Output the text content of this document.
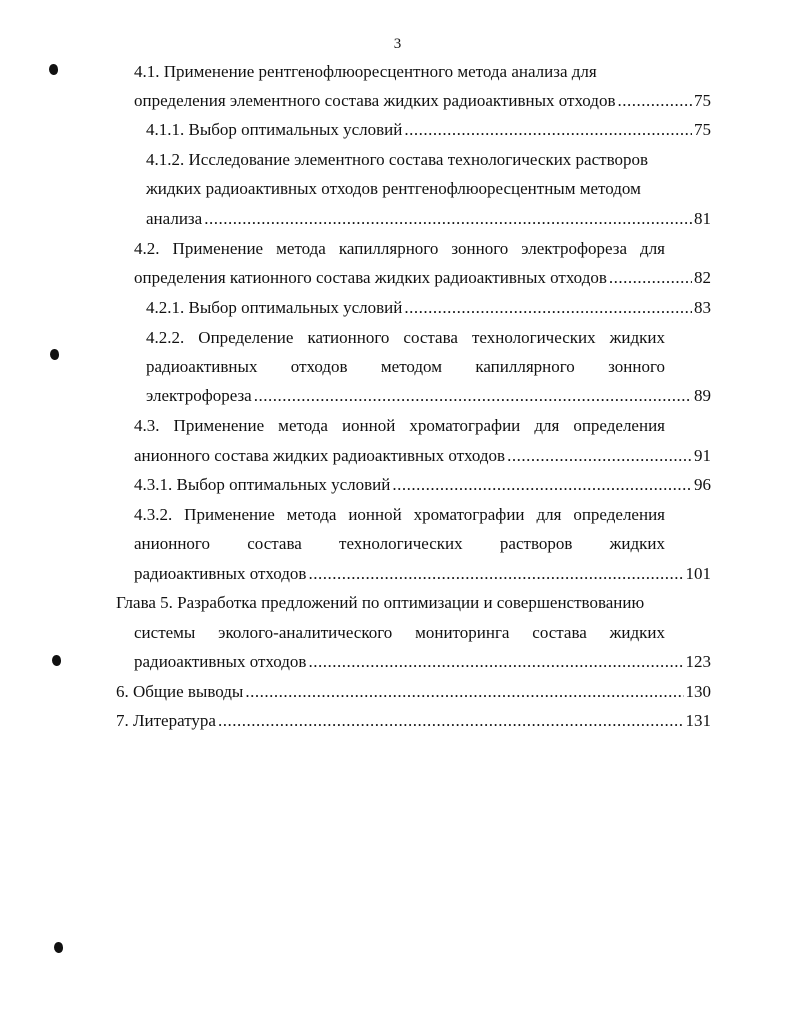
3
4.1. Применение рентгенофлюоресцентного метода анализа для
определения элементного состава жидких радиоактивных отходов .....	75
4.1.1. Выбор оптимальных условий .....	75
4.1.2. Исследование элементного состава технологических растворов
жидких радиоактивных отходов рентгенофлюоресцентным методом
анализа .....	81
4.2. Применение метода капиллярного зонного электрофореза для
определения катионного состава жидких радиоактивных отходов .....	82
4.2.1. Выбор оптимальных условий .....	83
4.2.2. Определение катионного состава технологических жидких
радиоактивных отходов методом капиллярного зонного
электрофореза .....	89
4.3. Применение метода ионной хроматографии для определения
анионного состава жидких радиоактивных отходов .....	91
4.3.1. Выбор оптимальных условий .....	96
4.3.2. Применение метода ионной хроматографии для определения
анионного состава технологических растворов жидких
радиоактивных отходов .....	101
Глава 5. Разработка предложений по оптимизации и совершенствованию
системы эколого-аналитического мониторинга состава жидких
радиоактивных отходов .....	123
6. Общие выводы .....	130
7. Литература .....	131
